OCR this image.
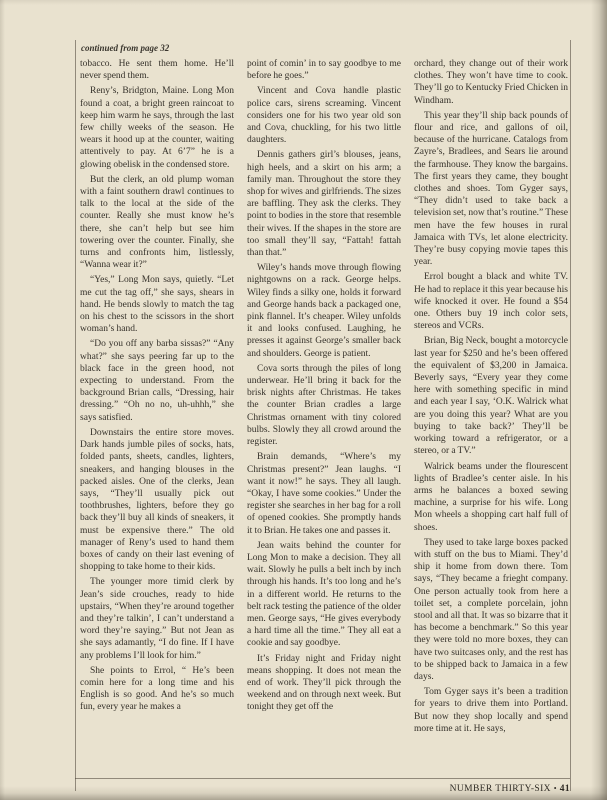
continued from page 32

tobacco. He sent them home. He’ll never spend them.

Reny’s, Bridgton, Maine. Long Mon found a coat, a bright green raincoat to keep him warm he says, through the last few chilly weeks of the season. He wears it hood up at the counter, waiting attentively to pay. At 6’7” he is a glowing obelisk in the condensed store.

But the clerk, an old plump woman with a faint southern drawl continues to talk to the local at the side of the counter. Really she must know he’s there, she can’t help but see him towering over the counter. Finally, she turns and confronts him, listlessly, “Wanna wear it?”

“Yes,” Long Mon says, quietly. “Let me cut the tag off,” she says, shears in hand. He bends slowly to match the tag on his chest to the scissors in the short woman’s hand.

“Do you off any barba sissas?” “Any what?” she says peering far up to the black face in the green hood, not expecting to understand. From the background Brian calls, “Dressing, hair dressing.” “Oh no no, uh-uhhh,” she says satisfied.

Downstairs the entire store moves. Dark hands jumble piles of socks, hats, folded pants, sheets, candles, lighters, sneakers, and hanging blouses in the packed aisles. One of the clerks, Jean says, “They’ll usually pick out toothbrushes, lighters, before they go back they’ll buy all kinds of sneakers, it must be expensive there.” The old manager of Reny’s used to hand them boxes of candy on their last evening of shopping to take home to their kids.

The younger more timid clerk by Jean’s side crouches, ready to hide upstairs, “When they’re around together and they’re talkin’, I can’t understand a word they’re saying.” But not Jean as she says adamantly, “I do fine. If I have any problems I’ll look for him.”

She points to Errol, “ He’s been comin here for a long time and his English is so good. And he’s so much fun, every year he makes a

point of comin’ in to say goodbye to me before he goes.”

Vincent and Cova handle plastic police cars, sirens screaming. Vincent considers one for his two year old son and Cova, chuckling, for his two little daughters.

Dennis gathers girl’s blouses, jeans, high heels, and a skirt on his arm; a family man. Throughout the store they shop for wives and girlfriends. The sizes are baffling. They ask the clerks. They point to bodies in the store that resemble their wives. If the shapes in the store are too small they’ll say, “Fattah! fattah than that.”

Wiley’s hands move through flowing nightgowns on a rack. George helps. Wiley finds a silky one, holds it forward and George hands back a packaged one, pink flannel. It’s cheaper. Wiley unfolds it and looks confused. Laughing, he presses it against George’s smaller back and shoulders. George is patient.

Cova sorts through the piles of long underwear. He’ll bring it back for the brisk nights after Christmas. He takes the counter Brian cradles a large Christmas ornament with tiny colored bulbs. Slowly they all crowd around the register.

Brain demands, “Where’s my Christmas present?” Jean laughs. “I want it now!” he says. They all laugh. “Okay, I have some cookies.” Under the register she searches in her bag for a roll of opened cookies. She promptly hands it to Brian. He takes one and passes it.

Jean waits behind the counter for Long Mon to make a decision. They all wait. Slowly he pulls a belt inch by inch through his hands. It’s too long and he’s in a different world. He returns to the belt rack testing the patience of the older men. George says, “He gives everybody a hard time all the time.” They all eat a cookie and say goodbye.

It’s Friday night and Friday night means shopping. It does not mean the end of work. They’ll pick through the weekend and on through next week. But tonight they get off the

orchard, they change out of their work clothes. They won’t have time to cook. They’ll go to Kentucky Fried Chicken in Windham.

This year they’ll ship back pounds of flour and rice, and gallons of oil, because of the hurricane. Catalogs from Zayre’s, Bradlees, and Sears lie around the farmhouse. They know the bargains. The first years they came, they bought clothes and shoes. Tom Gyger says, “They didn’t used to take back a television set, now that’s routine.” These men have the few houses in rural Jamaica with TVs, let alone electricity. They’re busy copying movie tapes this year.

Errol bought a black and white TV. He had to replace it this year because his wife knocked it over. He found a $54 one. Others buy 19 inch color sets, stereos and VCRs.

Brian, Big Neck, bought a motorcycle last year for $250 and he’s been offered the equivalent of $3,200 in Jamaica. Beverly says, “Every year they come here with something specific in mind and each year I say, ‘O.K. Walrick what are you doing this year? What are you buying to take back?’ They’ll be working toward a refrigerator, or a stereo, or a TV.”

Walrick beams under the flourescent lights of Bradlee’s center aisle. In his arms he balances a boxed sewing machine, a surprise for his wife. Long Mon wheels a shopping cart half full of shoes.

They used to take large boxes packed with stuff on the bus to Miami. They’d ship it home from down there. Tom says, “They became a frieght company. One person actually took from here a toilet set, a complete porcelain, john stool and all that. It was so bizarre that it has become a benchmark.” So this year they were told no more boxes, they can have two suitcases only, and the rest has to be shipped back to Jamaica in a few days.

Tom Gyger says it’s been a tradition for years to drive them into Portland. But now they shop locally and spend more time at it. He says,

NUMBER THIRTY-SIX • 41
